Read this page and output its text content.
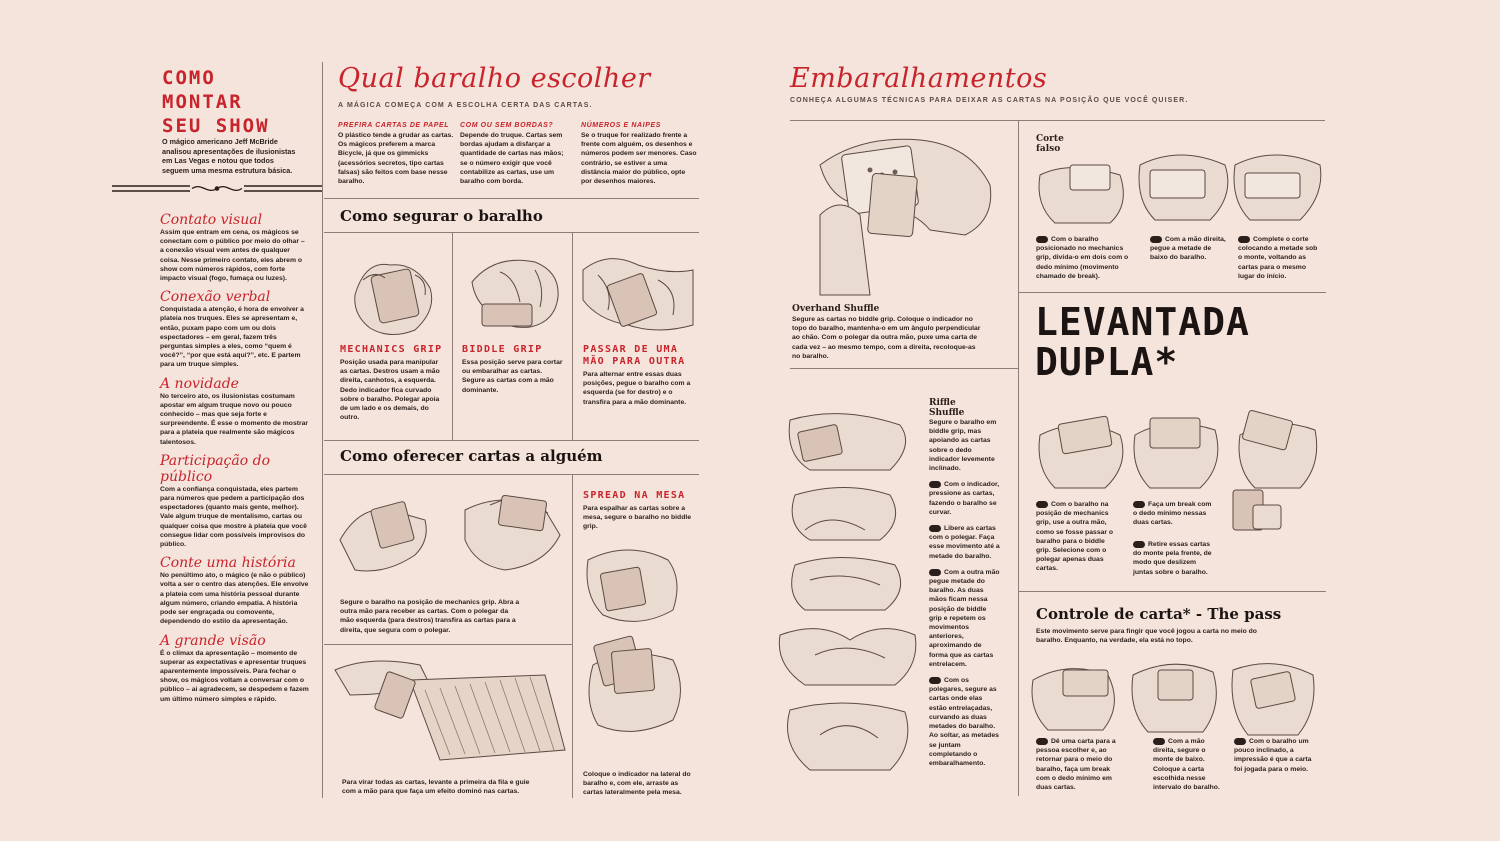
COMO
MONTAR
SEU SHOW
O mágico americano Jeff McBride analisou apresentações de ilusionistas em Las Vegas e notou que todos seguem uma mesma estrutura básica.
Contato visual
Assim que entram em cena, os mágicos se conectam com o público por meio do olhar – a conexão visual vem antes de qualquer coisa. Nesse primeiro contato, eles abrem o show com números rápidos, com forte impacto visual (fogo, fumaça ou luzes).
Conexão verbal
Conquistada a atenção, é hora de envolver a plateia nos truques. Eles se apresentam e, então, puxam papo com um ou dois espectadores – em geral, fazem três perguntas simples a eles, como “quem é você?”, “por que está aqui?”, etc. E partem para um truque simples.
A novidade
No terceiro ato, os ilusionistas costumam apostar em algum truque novo ou pouco conhecido – mas que seja forte e surpreendente. É esse o momento de mostrar para a plateia que realmente são mágicos talentosos.
Participação do público
Com a confiança conquistada, eles partem para números que pedem a participação dos espectadores (quanto mais gente, melhor). Vale algum truque de mentalismo, cartas ou qualquer coisa que mostre à plateia que você consegue lidar com possíveis improvisos do público.
Conte uma história
No penúltimo ato, o mágico (e não o público) volta a ser o centro das atenções. Ele envolve a plateia com uma história pessoal durante algum número, criando empatia. A história pode ser engraçada ou comovente, dependendo do estilo da apresentação.
A grande visão
É o clímax da apresentação – momento de superar as expectativas e apresentar truques aparentemente impossíveis. Para fechar o show, os mágicos voltam a conversar com o público – ai agradecem, se despedem e fazem um último número simples e rápido.
Qual baralho escolher
A MÁGICA COMEÇA COM A ESCOLHA CERTA DAS CARTAS.
PREFIRA CARTAS DE PAPEL
O plástico tende a grudar as cartas. Os mágicos preferem a marca Bicycle, já que os gimmicks (acessórios secretos, tipo cartas falsas) são feitos com base nesse baralho.
COM OU SEM BORDAS?
Depende do truque. Cartas sem bordas ajudam a disfarçar a quantidade de cartas nas mãos; se o número exigir que você contabilize as cartas, use um baralho com borda.
NÚMEROS E NAIPES
Se o truque for realizado frente a frente com alguém, os desenhos e números podem ser menores. Caso contrário, se estiver a uma distância maior do público, opte por desenhos maiores.
Como segurar o baralho
MECHANICS GRIP
Posição usada para manipular as cartas. Destros usam a mão direita, canhotos, a esquerda. Dedo indicador fica curvado sobre o baralho. Polegar apoia de um lado e os demais, do outro.
BIDDLE GRIP
Essa posição serve para cortar ou embaralhar as cartas. Segure as cartas com a mão dominante.
PASSAR DE UMA MÃO PARA OUTRA
Para alternar entre essas duas posições, pegue o baralho com a esquerda (se for destro) e o transfira para a mão dominante.
Como oferecer cartas a alguém
Segure o baralho na posição de mechanics grip. Abra a outra mão para receber as cartas. Com o polegar da mão esquerda (para destros) transfira as cartas para a direita, que segura com o polegar.
Para virar todas as cartas, levante a primeira da fila e guie com a mão para que faça um efeito dominó nas cartas.
SPREAD NA MESA
Para espalhar as cartas sobre a mesa, segure o baralho no biddle grip.
Coloque o indicador na lateral do baralho e, com ele, arraste as cartas lateralmente pela mesa.
Embaralhamentos
CONHEÇA ALGUMAS TÉCNICAS PARA DEIXAR AS CARTAS NA POSIÇÃO QUE VOCÊ QUISER.
Overhand Shuffle
Segure as cartas no biddle grip. Coloque o indicador no topo do baralho, mantenha-o em um ângulo perpendicular ao chão. Com o polegar da outra mão, puxe uma carta de cada vez – ao mesmo tempo, com a direita, recoloque-as no baralho.
Riffle Shuffle
Segure o baralho em biddle grip, mas apoiando as cartas sobre o dedo indicador levemente inclinado.
Com o indicador, pressione as cartas, fazendo o baralho se curvar.
Libere as cartas com o polegar. Faça esse movimento até a metade do baralho.
Com a outra mão pegue metade do baralho. As duas mãos ficam nessa posição de biddle grip e repetem os movimentos anteriores, aproximando de forma que as cartas entrelacem.
Com os polegares, segure as cartas onde elas estão entrelaçadas, curvando as duas metades do baralho. Ao soltar, as metades se juntam completando o embaralhamento.
Corte falso
Com o baralho posicionado no mechanics grip, divida-o em dois com o dedo mínimo (movimento chamado de break).
Com a mão direita, pegue a metade de baixo do baralho.
Complete o corte colocando a metade sob o monte, voltando as cartas para o mesmo lugar do início.
LEVANTADA
DUPLA*
Com o baralho na posição de mechanics grip, use a outra mão, como se fosse passar o baralho para o biddle grip. Selecione com o polegar apenas duas cartas.
Faça um break com o dedo mínimo nessas duas cartas.
Retire essas cartas do monte pela frente, de modo que deslizem juntas sobre o baralho.
Controle de carta* - The pass
Este movimento serve para fingir que você jogou a carta no meio do baralho. Enquanto, na verdade, ela está no topo.
Dê uma carta para a pessoa escolher e, ao retornar para o meio do baralho, faça um break com o dedo mínimo em duas cartas.
Com a mão direita, segure o monte de baixo. Coloque a carta escolhida nesse intervalo do baralho.
Com o baralho um pouco inclinado, a impressão é que a carta foi jogada para o meio.
